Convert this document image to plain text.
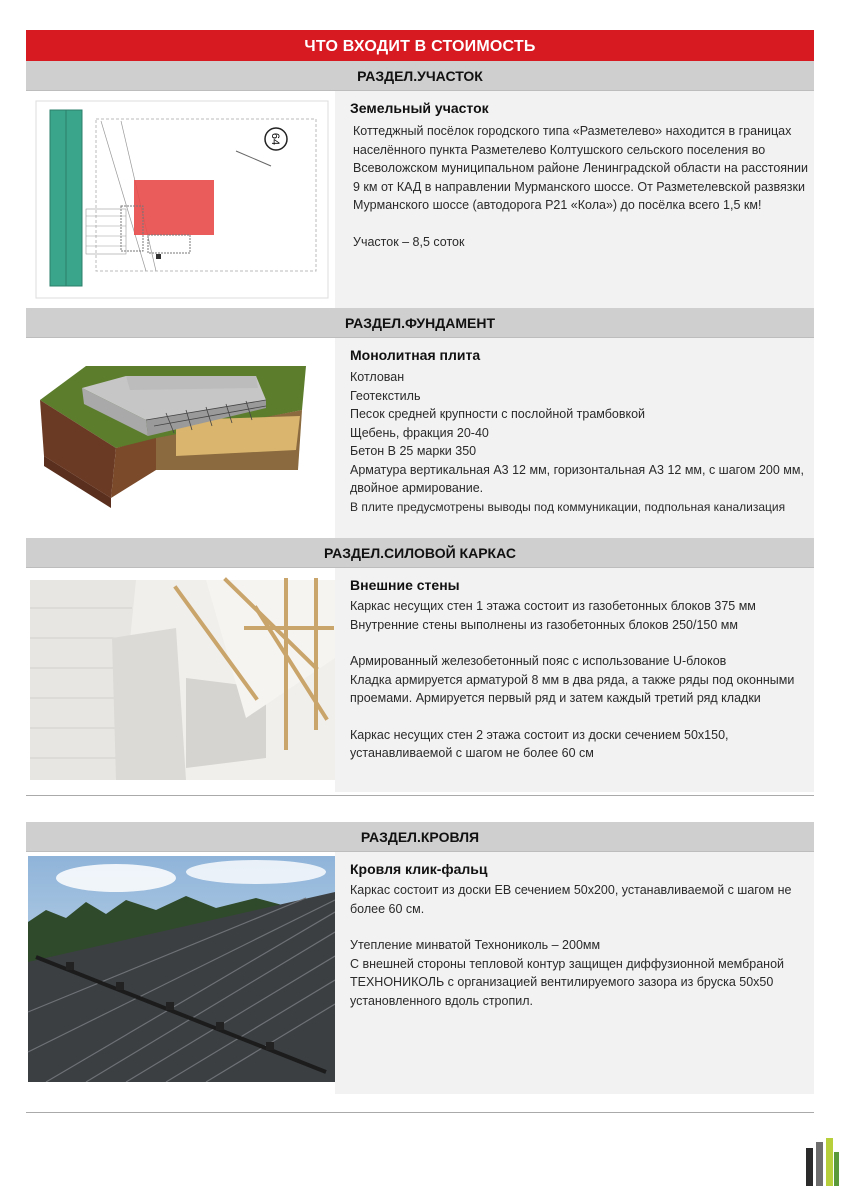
ЧТО ВХОДИТ В СТОИМОСТЬ
РАЗДЕЛ.УЧАСТОК
64
Земельный участок

Коттеджный посёлок городского типа «Разметелево» находится в границах населённого пункта Разметелево Колтушского сельского поселения во Всеволожском муниципальном районе Ленинградской области на расстоянии 9 км от КАД в направлении Мурманского шоссе. От Разметелевской развязки Мурманского шоссе (автодорога Р21 «Кола») до посёлка всего 1,5 км!

Участок – 8,5 соток

РАЗДЕЛ.ФУНДАМЕНТ
Монолитная плита

Котлован

Геотекстиль

Песок средней крупности с послойной трамбовкой

Щебень, фракция 20-40

Бетон В 25 марки 350

Арматура вертикальная А3 12 мм, горизонтальная А3 12 мм, с шагом 200 мм, двойное армирование.

В плите предусмотрены выводы под коммуникации, подпольная канализация

РАЗДЕЛ.СИЛОВОЙ КАРКАС
Внешние стены

Каркас несущих стен 1 этажа состоит из газобетонных блоков 375 мм

Внутренние стены выполнены из газобетонных блоков 250/150 мм

Армированный железобетонный пояс с использование U-блоков

Кладка армируется арматурой 8 мм в два ряда, а также ряды под оконными проемами. Армируется первый ряд и затем каждый третий ряд кладки

Каркас несущих стен 2 этажа состоит из доски сечением 50х150, устанавливаемой с шагом не более 60 см

РАЗДЕЛ.КРОВЛЯ
Кровля клик-фальц

Каркас состоит из доски ЕВ сечением 50х200, устанавливаемой с шагом не более 60 см.

Утепление минватой Технониколь – 200мм

С внешней стороны тепловой контур защищен диффузионной мембраной ТЕХНОНИКОЛЬ с организацией вентилируемого зазора из бруска 50х50 установленного вдоль стропил.
